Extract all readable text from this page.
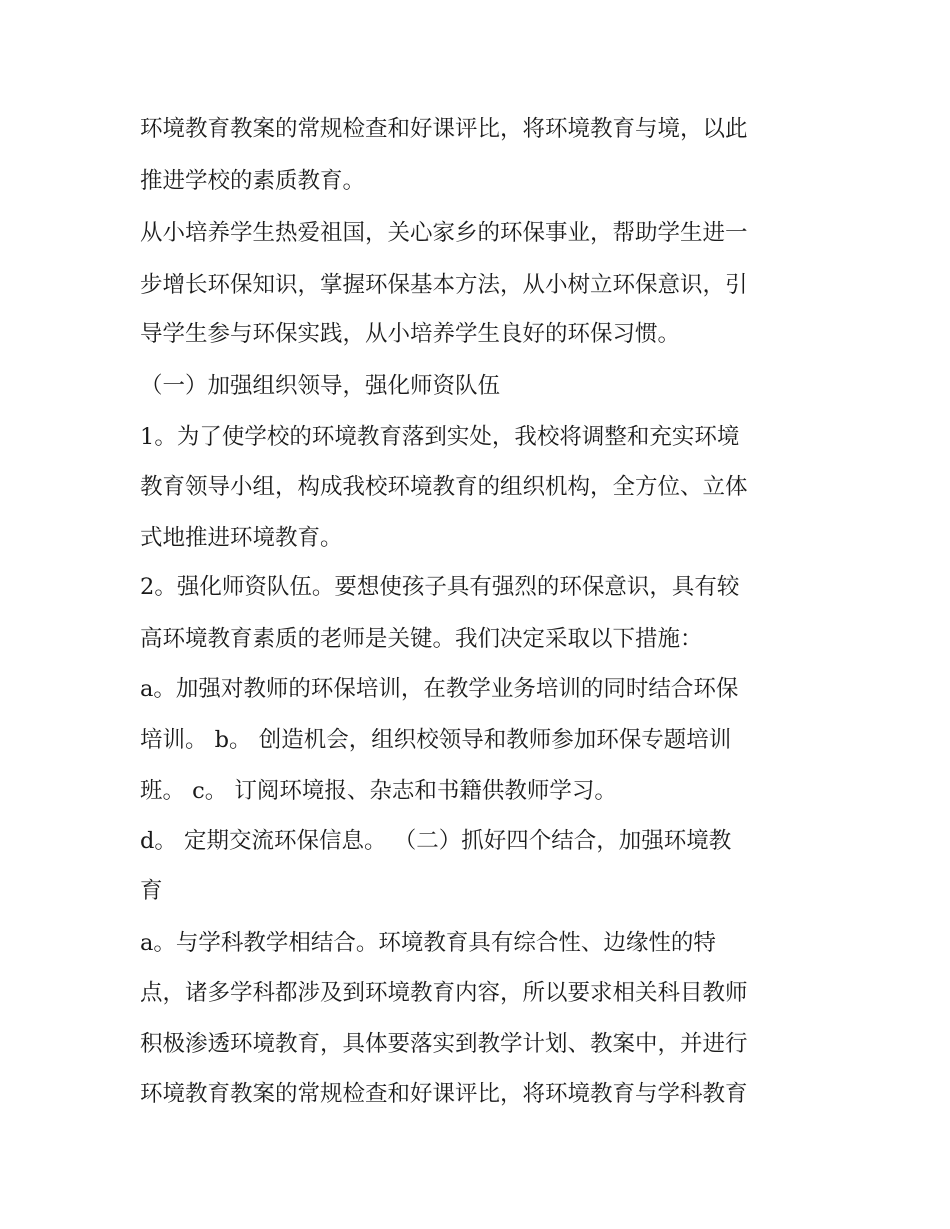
环境教育教案的常规检查和好课评比，将环境教育与境，以此
推进学校的素质教育。
从小培养学生热爱祖国，关心家乡的环保事业，帮助学生进一
步增长环保知识，掌握环保基本方法，从小树立环保意识，引
导学生参与环保实践，从小培养学生良好的环保习惯。
（一）加强组织领导，强化师资队伍
1。为了使学校的环境教育落到实处，我校将调整和充实环境
教育领导小组，构成我校环境教育的组织机构，全方位、立体
式地推进环境教育。
2。强化师资队伍。要想使孩子具有强烈的环保意识，具有较
高环境教育素质的老师是关键。我们决定采取以下措施：
a。加强对教师的环保培训，在教学业务培训的同时结合环保
培训。 b。 创造机会，组织校领导和教师参加环保专题培训
班。 c。 订阅环境报、杂志和书籍供教师学习。
d。 定期交流环保信息。 （二）抓好四个结合，加强环境教
育
a。与学科教学相结合。环境教育具有综合性、边缘性的特
点，诸多学科都涉及到环境教育内容，所以要求相关科目教师
积极渗透环境教育，具体要落实到教学计划、教案中，并进行
环境教育教案的常规检查和好课评比，将环境教育与学科教育
